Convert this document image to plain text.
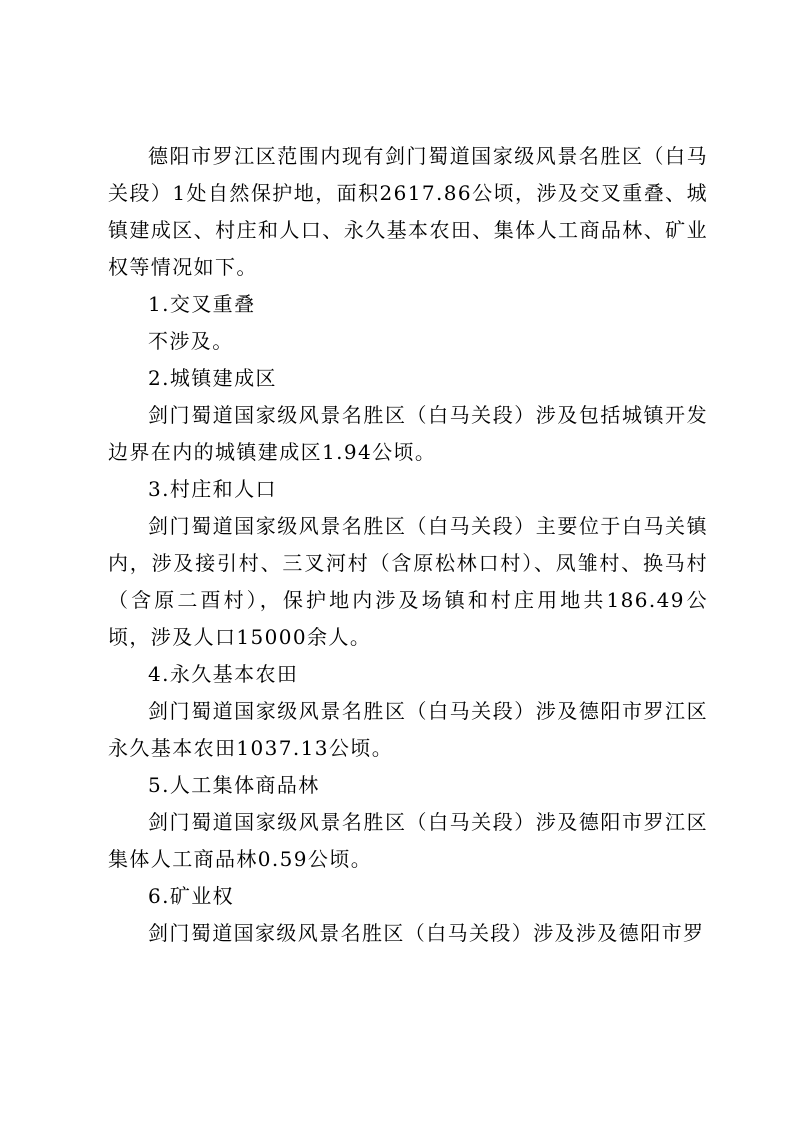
德阳市罗江区范围内现有剑门蜀道国家级风景名胜区（白马关段）1处自然保护地，面积2617.86公顷，涉及交叉重叠、城镇建成区、村庄和人口、永久基本农田、集体人工商品林、矿业权等情况如下。

1.交叉重叠

不涉及。

2.城镇建成区

剑门蜀道国家级风景名胜区（白马关段）涉及包括城镇开发边界在内的城镇建成区1.94公顷。

3.村庄和人口

剑门蜀道国家级风景名胜区（白马关段）主要位于白马关镇内，涉及接引村、三叉河村（含原松林口村）、凤雏村、换马村（含原二酉村），保护地内涉及场镇和村庄用地共186.49公顷，涉及人口15000余人。

4.永久基本农田

剑门蜀道国家级风景名胜区（白马关段）涉及德阳市罗江区永久基本农田1037.13公顷。

5.人工集体商品林

剑门蜀道国家级风景名胜区（白马关段）涉及德阳市罗江区集体人工商品林0.59公顷。

6.矿业权

剑门蜀道国家级风景名胜区（白马关段）涉及涉及德阳市罗
